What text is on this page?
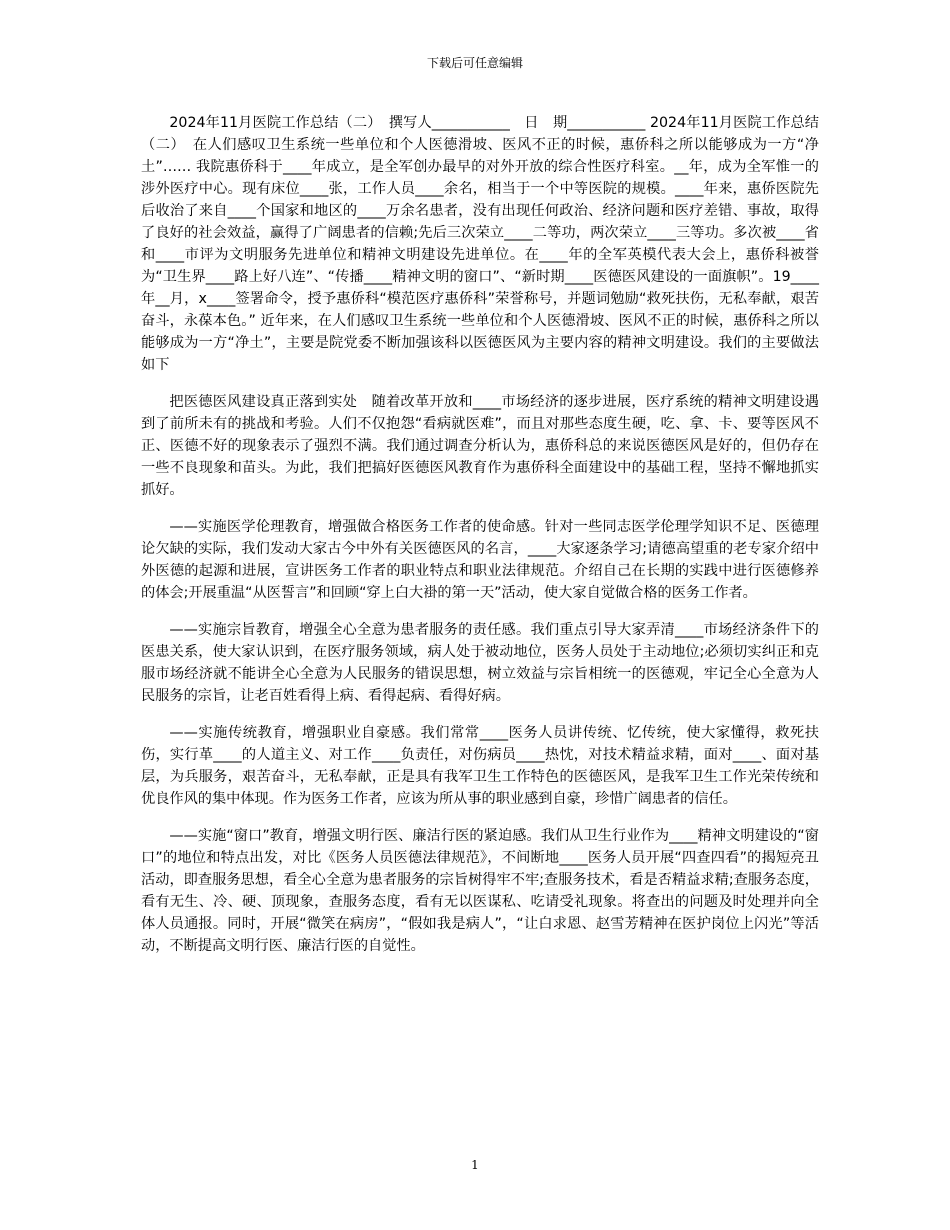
下载后可任意编辑

2024年11月医院工作总结（二）　撰写人___________　日　期___________ 2024年11月医院工作总结（二）　在人们感叹卫生系统一些单位和个人医德滑坡、医风不正的时候，惠侨科之所以能够成为一方“净土”…… 我院惠侨科于____年成立，是全军创办最早的对外开放的综合性医疗科室。__年，成为全军惟一的涉外医疗中心。现有床位____张，工作人员____余名，相当于一个中等医院的规模。____年来，惠侨医院先后收治了来自____个国家和地区的____万余名患者，没有出现任何政治、经济问题和医疗差错、事故，取得了良好的社会效益，赢得了广阔患者的信赖;先后三次荣立____二等功，两次荣立____三等功。多次被____省和____市评为文明服务先进单位和精神文明建设先进单位。在____年的全军英模代表大会上，惠侨科被誉为“卫生界____路上好八连”、“传播____精神文明的窗口”、“新时期____医德医风建设的一面旗帜”。19____年__月，x____签署命令，授予惠侨科“模范医疗惠侨科”荣誉称号，并题词勉励“救死扶伤，无私奉献，艰苦奋斗，永葆本色。” 近年来，在人们感叹卫生系统一些单位和个人医德滑坡、医风不正的时候，惠侨科之所以能够成为一方“净土”，主要是院党委不断加强该科以医德医风为主要内容的精神文明建设。我们的主要做法如下

把医德医风建设真正落到实处　随着改革开放和____市场经济的逐步进展，医疗系统的精神文明建设遇到了前所未有的挑战和考验。人们不仅抱怨“看病就医难”，而且对那些态度生硬，吃、拿、卡、要等医风不正、医德不好的现象表示了强烈不满。我们通过调查分析认为，惠侨科总的来说医德医风是好的，但仍存在一些不良现象和苗头。为此，我们把搞好医德医风教育作为惠侨科全面建设中的基础工程，坚持不懈地抓实抓好。

——实施医学伦理教育，增强做合格医务工作者的使命感。针对一些同志医学伦理学知识不足、医德理论欠缺的实际，我们发动大家古今中外有关医德医风的名言，____大家逐条学习;请德高望重的老专家介绍中外医德的起源和进展，宣讲医务工作者的职业特点和职业法律规范。介绍自己在长期的实践中进行医德修养的体会;开展重温“从医誓言”和回顾“穿上白大褂的第一天”活动，使大家自觉做合格的医务工作者。

——实施宗旨教育，增强全心全意为患者服务的责任感。我们重点引导大家弄清____市场经济条件下的医患关系，使大家认识到，在医疗服务领域，病人处于被动地位，医务人员处于主动地位;必须切实纠正和克服市场经济就不能讲全心全意为人民服务的错误思想，树立效益与宗旨相统一的医德观，牢记全心全意为人民服务的宗旨，让老百姓看得上病、看得起病、看得好病。

——实施传统教育，增强职业自豪感。我们常常____医务人员讲传统、忆传统，使大家懂得，救死扶伤，实行革____的人道主义、对工作____负责任，对伤病员____热忱，对技术精益求精，面对____、面对基层，为兵服务，艰苦奋斗，无私奉献，正是具有我军卫生工作特色的医德医风，是我军卫生工作光荣传统和优良作风的集中体现。作为医务工作者，应该为所从事的职业感到自豪，珍惜广阔患者的信任。

——实施“窗口”教育，增强文明行医、廉洁行医的紧迫感。我们从卫生行业作为____精神文明建设的“窗口”的地位和特点出发，对比《医务人员医德法律规范》，不间断地____医务人员开展“四查四看”的揭短亮丑活动，即查服务思想，看全心全意为患者服务的宗旨树得牢不牢;查服务技术，看是否精益求精;查服务态度，看有无生、冷、硬、顶现象，查服务态度，看有无以医谋私、吃请受礼现象。将查出的问题及时处理并向全体人员通报。同时，开展“微笑在病房”，“假如我是病人”，“让白求恩、赵雪芳精神在医护岗位上闪光”等活动，不断提高文明行医、廉洁行医的自觉性。

1
